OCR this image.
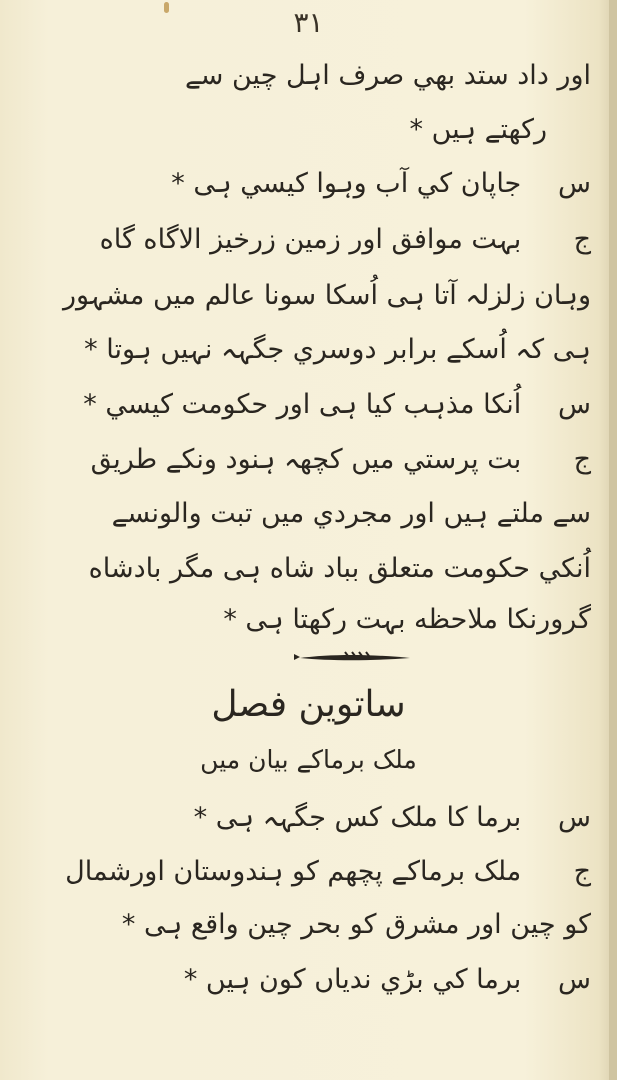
۳۱
اور داد ستد بھي صرف اہل چين سے
رکھتے ہيں *
س   جاپان کي آب وہوا کيسي ہی *
ج   بہت موافق اور زمين زرخيز الاگاه گاه
وہان زلزلہ آتا ہی اُسکا سونا عالم ميں مشہور
ہی کہ اُسکے برابر دوسري جگہہ نہيں ہوتا *
س   اُنکا مذہب کيا ہی اور حکومت کيسي *
ج   بت پرستي ميں کچھہ ہنود ونکے طريق
سے ملتے ہيں اور مجردي ميں تبت والونسے
اُنکي حکومت متعلق بباد شاه ہی مگر بادشاه
گرورنکا ملاحظه بہت رکھتا ہی *
ساتوين فصل
ملک برماکے بيان ميں
س   برما کا ملک کس جگہہ ہی *
ج   ملک برماکے پچھم کو ہندوستان اورشمال
کو چين اور مشرق کو بحر چين واقع ہی *
س   برما کي بڑي ندياں کون ہيں *
